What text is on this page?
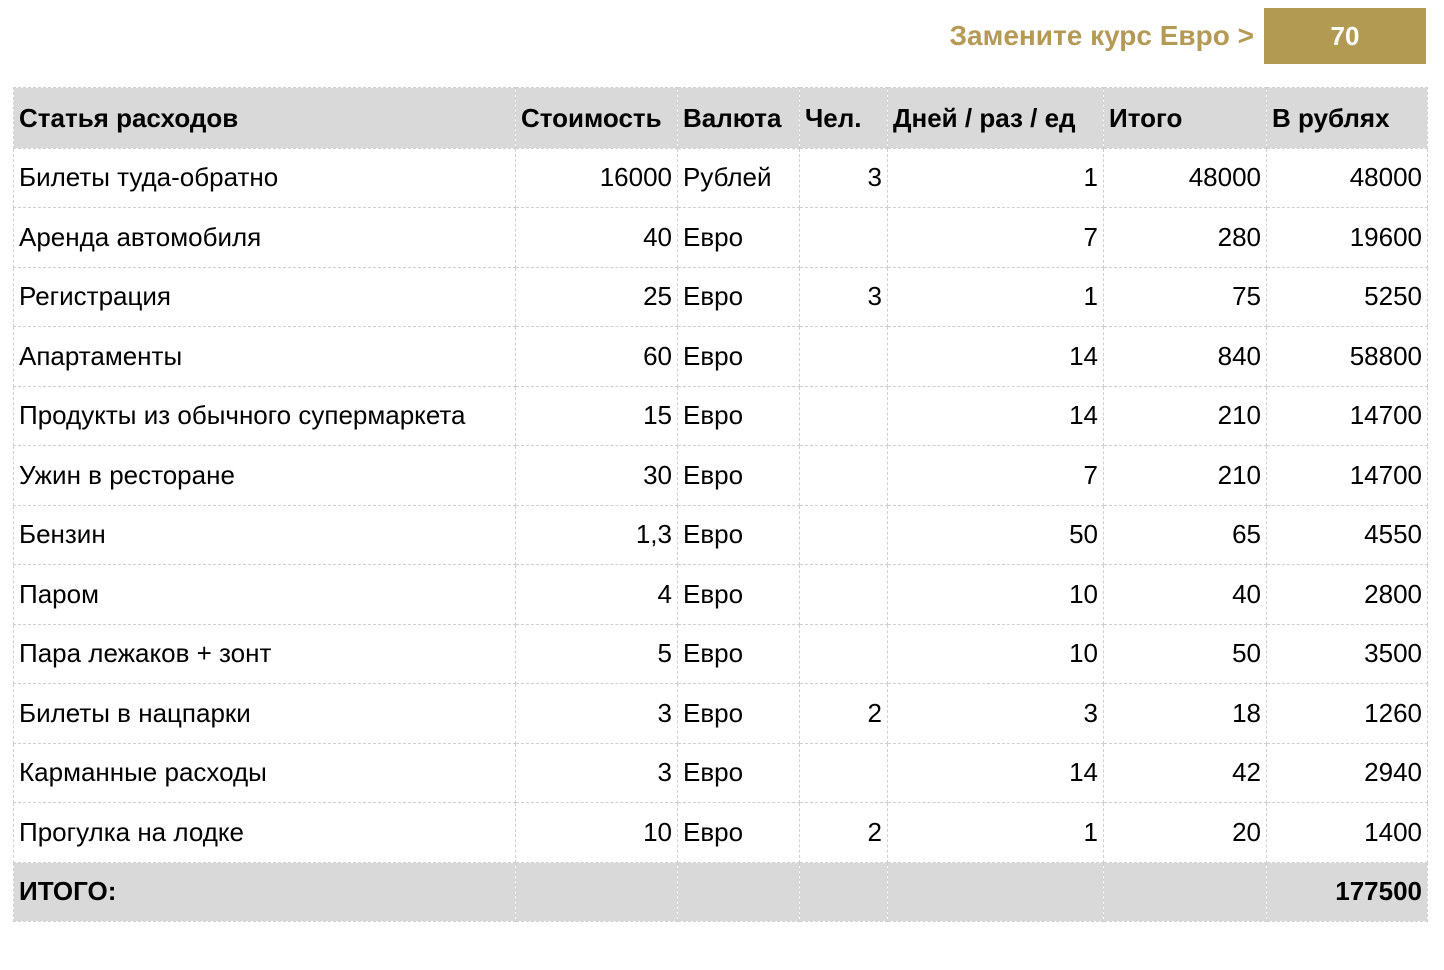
Замените курс Евро >	70
Статья расходов	Стоимость	Валюта	Чел.	Дней / раз / ед	Итого	В рублях
Билеты туда-обратно	16000	Рублей	3	1	48000	48000
Аренда автомобиля	40	Евро		7	280	19600
Регистрация	25	Евро	3	1	75	5250
Апартаменты	60	Евро		14	840	58800
Продукты из обычного супермаркета	15	Евро		14	210	14700
Ужин в ресторане	30	Евро		7	210	14700
Бензин	1,3	Евро		50	65	4550
Паром	4	Евро		10	40	2800
Пара лежаков + зонт	5	Евро		10	50	3500
Билеты в нацпарки	3	Евро	2	3	18	1260
Карманные расходы	3	Евро		14	42	2940
Прогулка на лодке	10	Евро	2	1	20	1400
ИТОГО:						177500
